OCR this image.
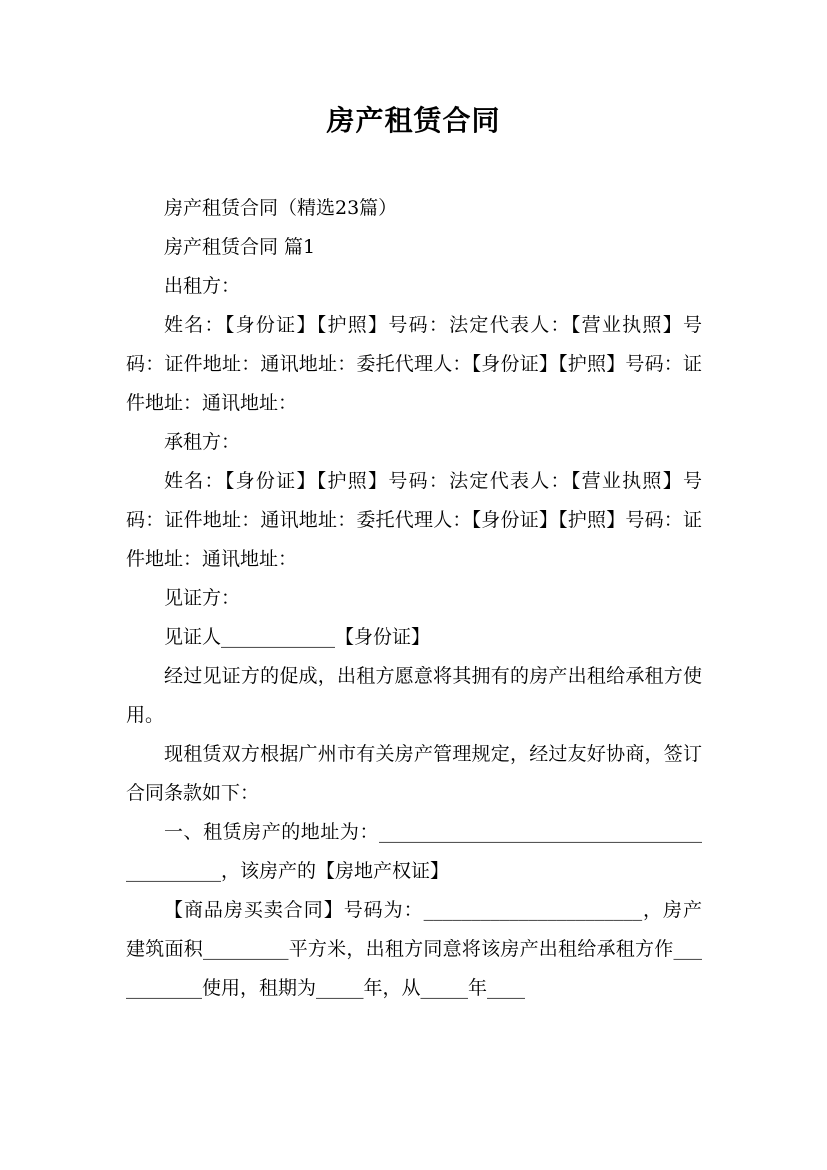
房产租赁合同

房产租赁合同（精选23篇）

房产租赁合同 篇1

出租方：

姓名：【身份证】【护照】号码：法定代表人：【营业执照】号码：证件地址：通讯地址：委托代理人：【身份证】【护照】号码：证件地址：通讯地址：

承租方：

姓名：【身份证】【护照】号码：法定代表人：【营业执照】号码：证件地址：通讯地址：委托代理人：【身份证】【护照】号码：证件地址：通讯地址：

见证方：

见证人____________【身份证】

经过见证方的促成，出租方愿意将其拥有的房产出租给承租方使用。

现租赁双方根据广州市有关房产管理规定，经过友好协商，签订合同条款如下：

一、租赁房产的地址为：____________________________________________，该房产的【房地产权证】

【商品房买卖合同】号码为：_______________________，房产建筑面积_________平方米，出租方同意将该房产出租给承租方作___________使用，租期为_____年，从_____年____
